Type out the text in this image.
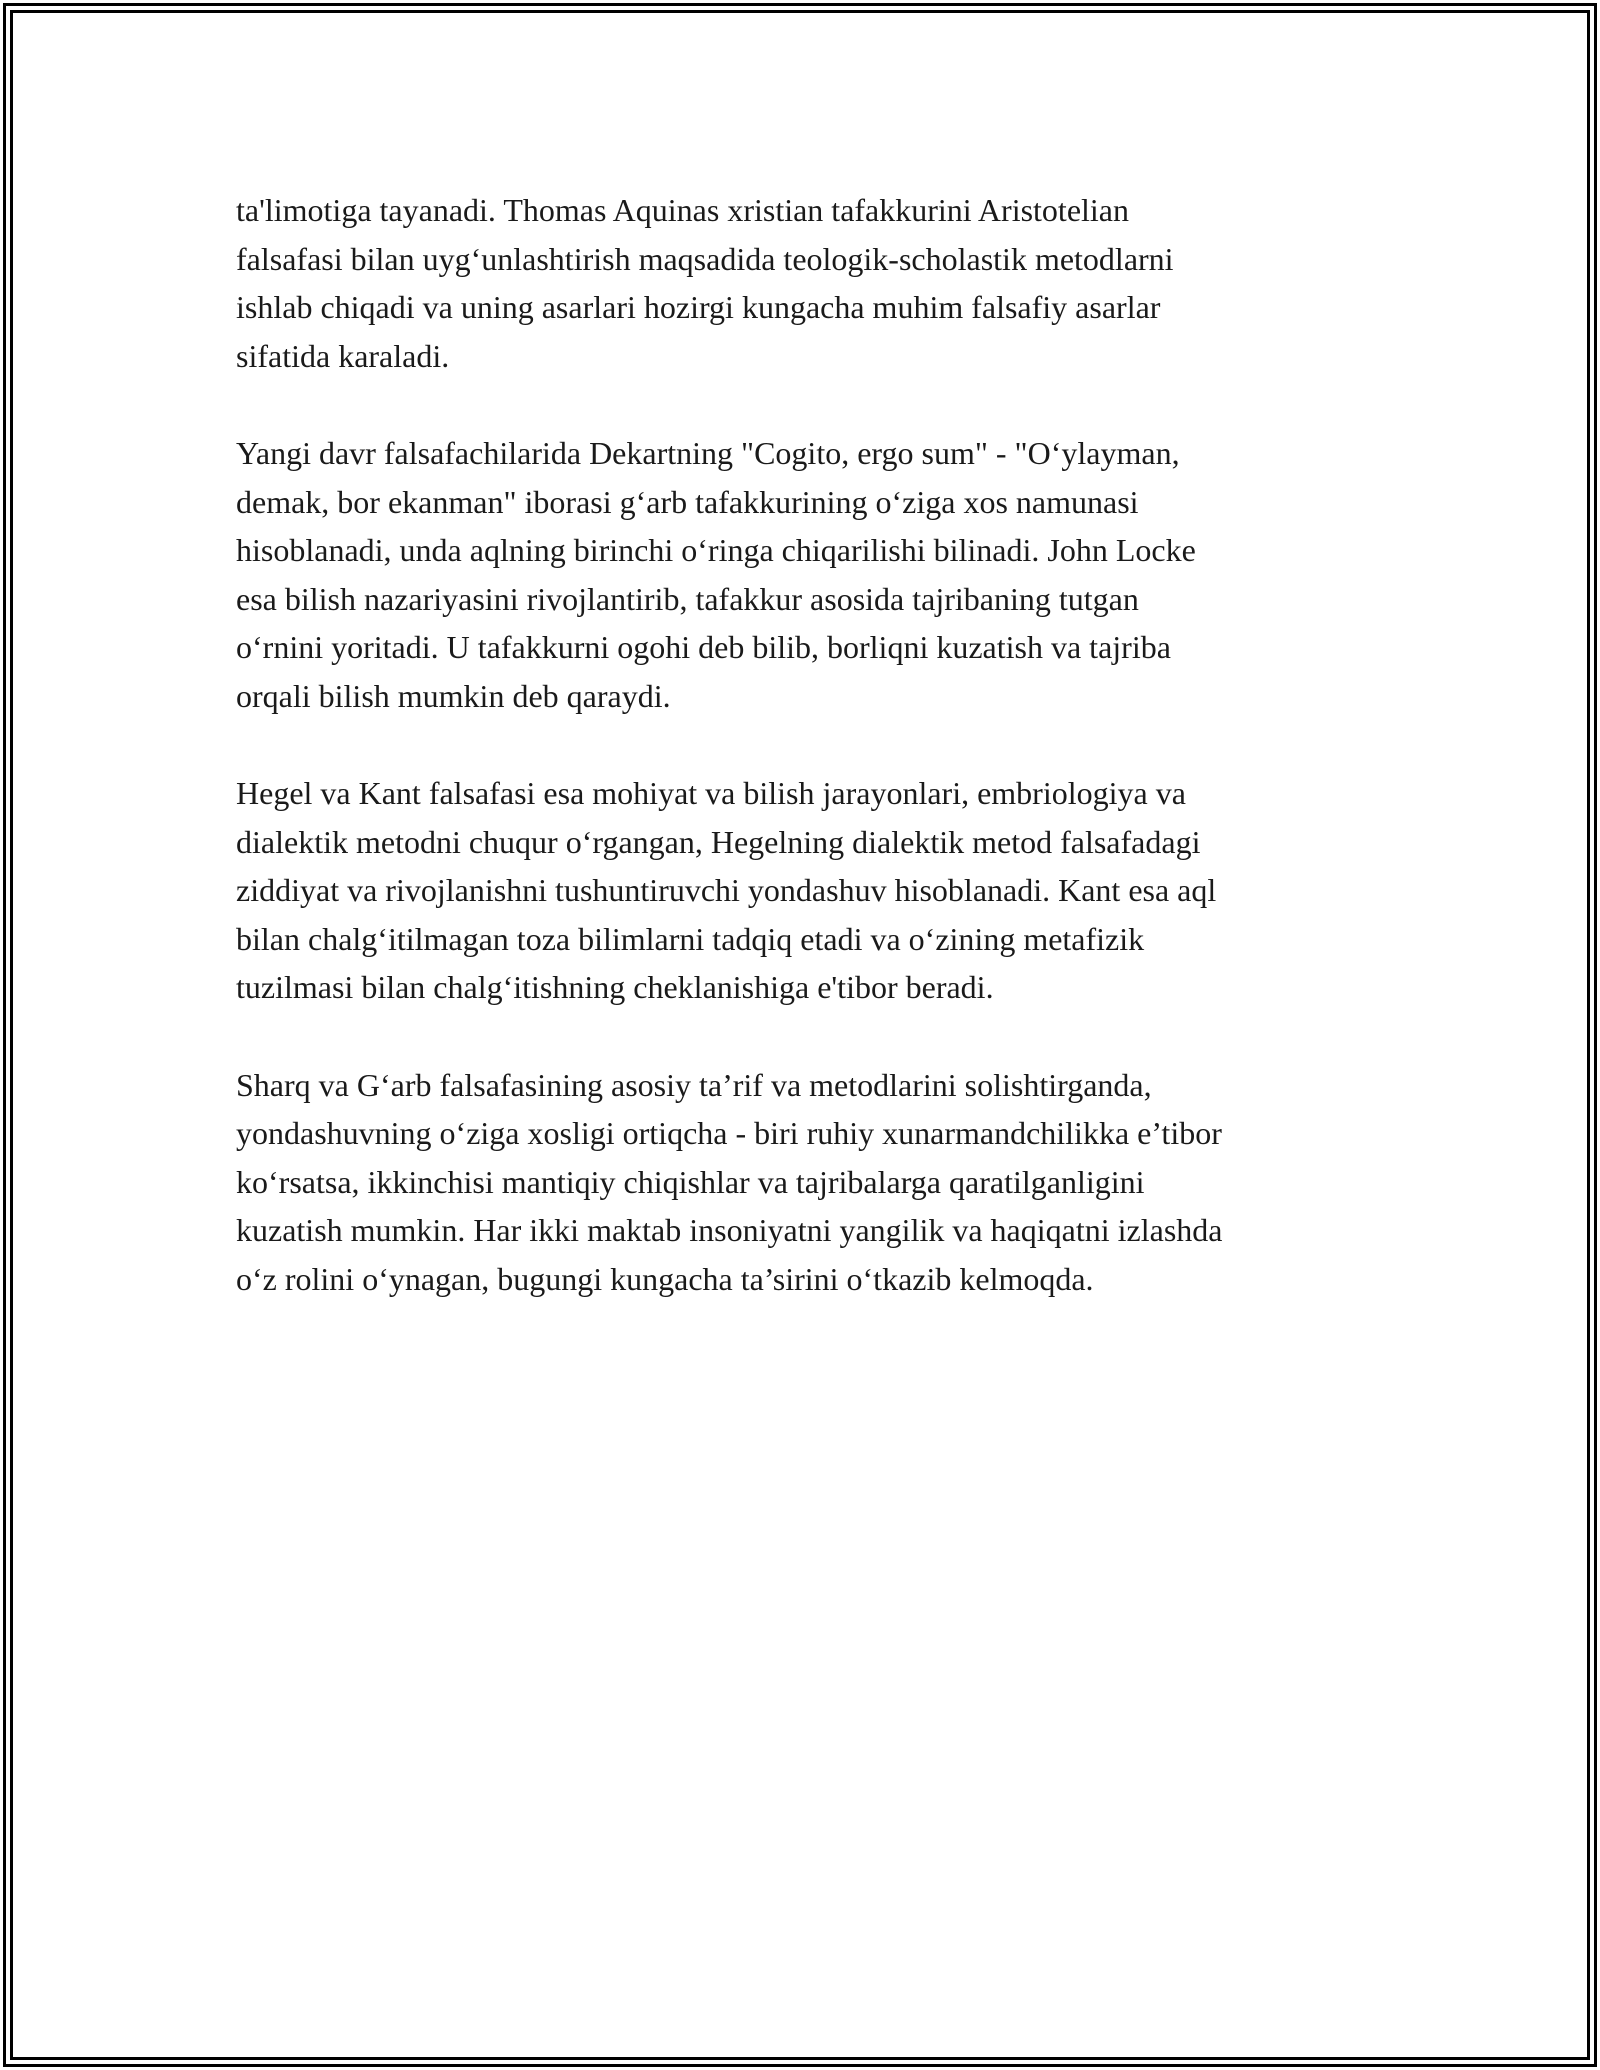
ta'limotiga tayanadi. Thomas Aquinas xristian tafakkurini Aristotelian
falsafasi bilan uyg‘unlashtirish maqsadida teologik-scholastik metodlarni
ishlab chiqadi va uning asarlari hozirgi kungacha muhim falsafiy asarlar
sifatida karaladi.

Yangi davr falsafachilarida Dekartning "Cogito, ergo sum" - "O‘ylayman,
demak, bor ekanman" iborasi g‘arb tafakkurining o‘ziga xos namunasi
hisoblanadi, unda aqlning birinchi o‘ringa chiqarilishi bilinadi. John Locke
esa bilish nazariyasini rivojlantirib, tafakkur asosida tajribaning tutgan
o‘rnini yoritadi. U tafakkurni ogohi deb bilib, borliqni kuzatish va tajriba
orqali bilish mumkin deb qaraydi.

Hegel va Kant falsafasi esa mohiyat va bilish jarayonlari, embriologiya va
dialektik metodni chuqur o‘rgangan, Hegelning dialektik metod falsafadagi
ziddiyat va rivojlanishni tushuntiruvchi yondashuv hisoblanadi. Kant esa aql
bilan chalg‘itilmagan toza bilimlarni tadqiq etadi va o‘zining metafizik
tuzilmasi bilan chalg‘itishning cheklanishiga e'tibor beradi.

Sharq va G‘arb falsafasining asosiy ta’rif va metodlarini solishtirganda,
yondashuvning o‘ziga xosligi ortiqcha - biri ruhiy xunarmandchilikka e’tibor
ko‘rsatsa, ikkinchisi mantiqiy chiqishlar va tajribalarga qaratilganligini
kuzatish mumkin. Har ikki maktab insoniyatni yangilik va haqiqatni izlashda
o‘z rolini o‘ynagan, bugungi kungacha ta’sirini o‘tkazib kelmoqda.
